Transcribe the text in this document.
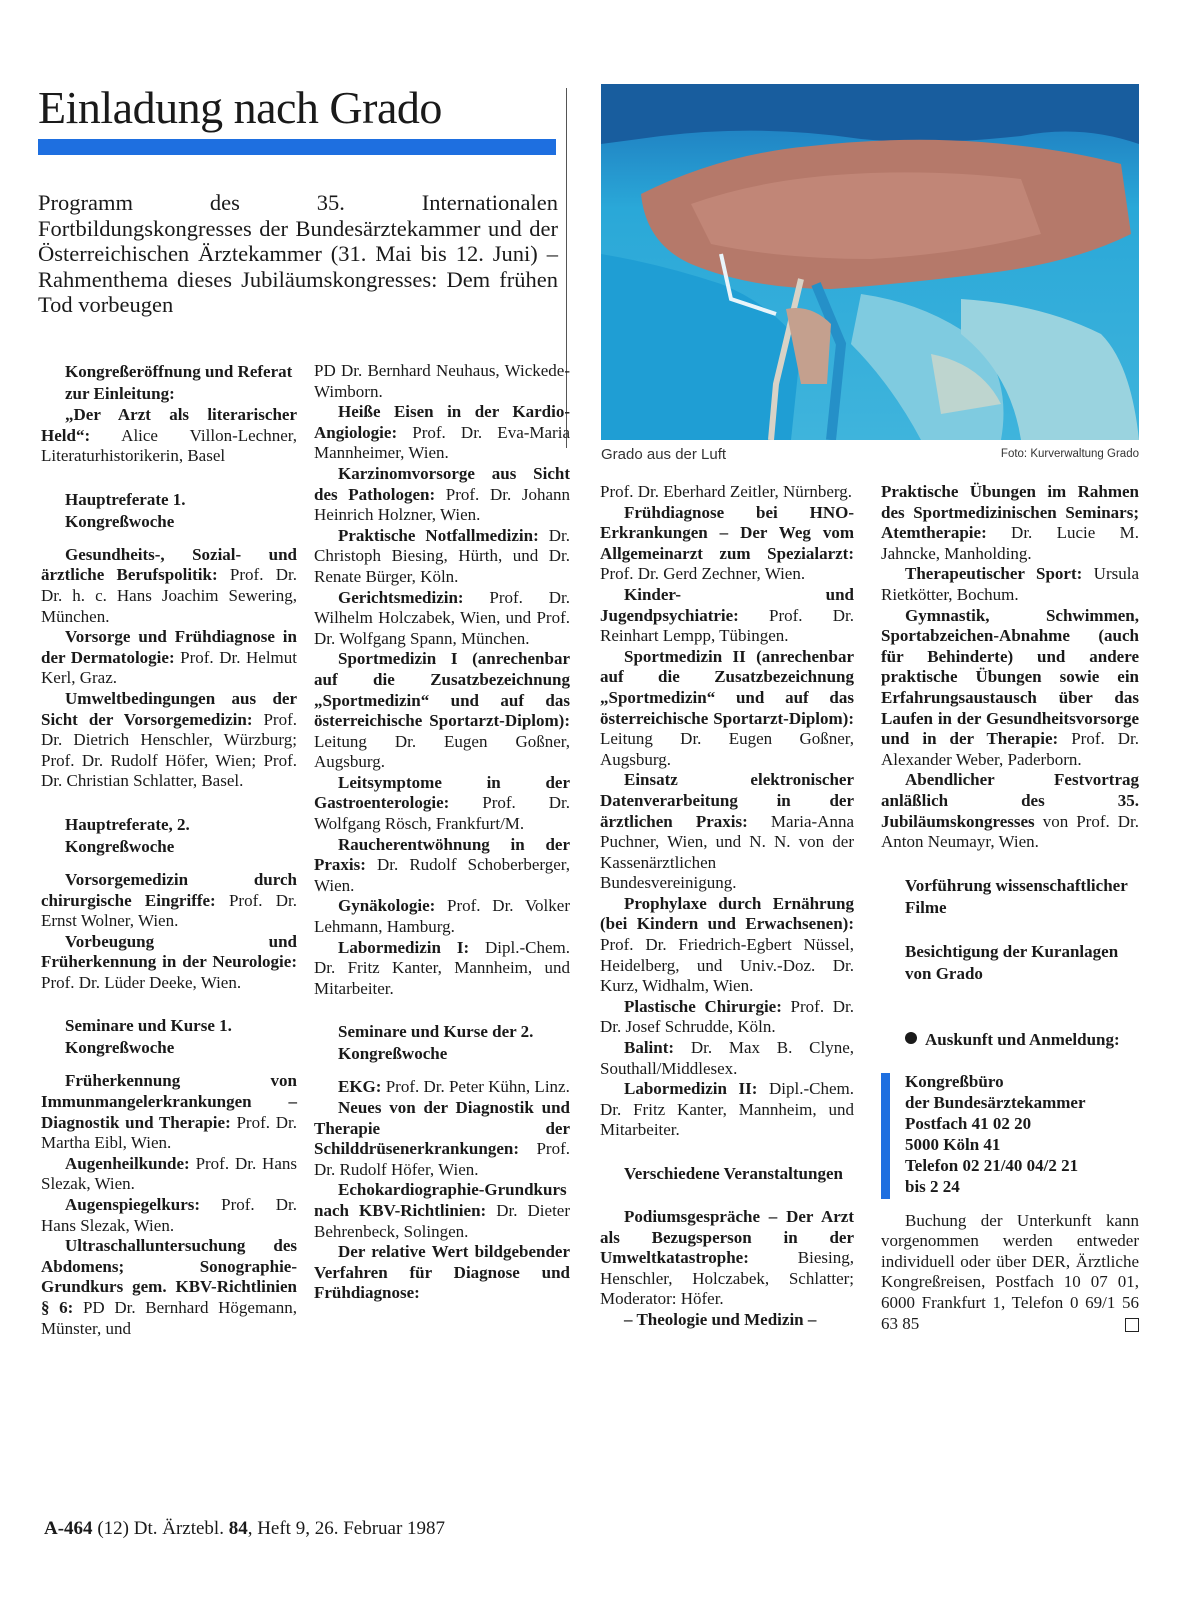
Einladung nach Grado

Programm des 35. Internationalen Fortbildungskongresses der Bundesärztekammer und der Österreichischen Ärztekammer (31. Mai bis 12. Juni) – Rahmenthema dieses Jubiläumskongresses: Dem frühen Tod vorbeugen

Grado aus der Luft	Foto: Kurverwaltung Grado
Kongreßeröffnung und Referat zur Einleitung:

„Der Arzt als literarischer Held“: Alice Villon-Lechner, Literaturhistorikerin, Basel

Hauptreferate 1. Kongreßwoche

Gesundheits-, Sozial- und ärztliche Berufspolitik: Prof. Dr. Dr. h. c. Hans Joachim Sewering, München.

Vorsorge und Frühdiagnose in der Dermatologie: Prof. Dr. Helmut Kerl, Graz.

Umweltbedingungen aus der Sicht der Vorsorgemedizin: Prof. Dr. Dietrich Henschler, Würzburg; Prof. Dr. Rudolf Höfer, Wien; Prof. Dr. Christian Schlatter, Basel.

Hauptreferate, 2. Kongreßwoche

Vorsorgemedizin durch chirurgische Eingriffe: Prof. Dr. Ernst Wolner, Wien.

Vorbeugung und Früherkennung in der Neurologie: Prof. Dr. Lüder Deeke, Wien.

Seminare und Kurse 1. Kongreßwoche

Früherkennung von Immunmangelerkrankungen – Diagnostik und Therapie: Prof. Dr. Martha Eibl, Wien.

Augenheilkunde: Prof. Dr. Hans Slezak, Wien.

Augenspiegelkurs: Prof. Dr. Hans Slezak, Wien.

Ultraschalluntersuchung des Abdomens; Sonographie-Grundkurs gem. KBV-Richtlinien § 6: PD Dr. Bernhard Högemann, Münster, und

PD Dr. Bernhard Neuhaus, Wickede-Wimborn.

Heiße Eisen in der Kardio-Angiologie: Prof. Dr. Eva-Maria Mannheimer, Wien.

Karzinomvorsorge aus Sicht des Pathologen: Prof. Dr. Johann Heinrich Holzner, Wien.

Praktische Notfallmedizin: Dr. Christoph Biesing, Hürth, und Dr. Renate Bürger, Köln.

Gerichtsmedizin: Prof. Dr. Wilhelm Holczabek, Wien, und Prof. Dr. Wolfgang Spann, München.

Sportmedizin I (anrechenbar auf die Zusatzbezeichnung „Sportmedizin“ und auf das österreichische Sportarzt-Diplom): Leitung Dr. Eugen Goßner, Augsburg.

Leitsymptome in der Gastroenterologie: Prof. Dr. Wolfgang Rösch, Frankfurt/M.

Raucherentwöhnung in der Praxis: Dr. Rudolf Schoberberger, Wien.

Gynäkologie: Prof. Dr. Volker Lehmann, Hamburg.

Labormedizin I: Dipl.-Chem. Dr. Fritz Kanter, Mannheim, und Mitarbeiter.

Seminare und Kurse der 2. Kongreßwoche

EKG: Prof. Dr. Peter Kühn, Linz.

Neues von der Diagnostik und Therapie der Schilddrüsenerkrankungen: Prof. Dr. Rudolf Höfer, Wien.

Echokardiographie-Grundkurs nach KBV-Richtlinien: Dr. Dieter Behrenbeck, Solingen.

Der relative Wert bildgebender Verfahren für Diagnose und Frühdiagnose:

Prof. Dr. Eberhard Zeitler, Nürnberg.

Frühdiagnose bei HNO-Erkrankungen – Der Weg vom Allgemeinarzt zum Spezialarzt: Prof. Dr. Gerd Zechner, Wien.

Kinder- und Jugendpsychiatrie: Prof. Dr. Reinhart Lempp, Tübingen.

Sportmedizin II (anrechenbar auf die Zusatzbezeichnung „Sportmedizin“ und auf das österreichische Sportarzt-Diplom): Leitung Dr. Eugen Goßner, Augsburg.

Einsatz elektronischer Datenverarbeitung in der ärztlichen Praxis: Maria-Anna Puchner, Wien, und N. N. von der Kassenärztlichen Bundesvereinigung.

Prophylaxe durch Ernährung (bei Kindern und Erwachsenen): Prof. Dr. Friedrich-Egbert Nüssel, Heidelberg, und Univ.-Doz. Dr. Kurz, Widhalm, Wien.

Plastische Chirurgie: Prof. Dr. Dr. Josef Schrudde, Köln.

Balint: Dr. Max B. Clyne, Southall/Middlesex.

Labormedizin II: Dipl.-Chem. Dr. Fritz Kanter, Mannheim, und Mitarbeiter.

Verschiedene Veranstaltungen

Podiumsgespräche – Der Arzt als Bezugsperson in der Umweltkatastrophe: Biesing, Henschler, Holczabek, Schlatter; Moderator: Höfer.

– Theologie und Medizin –

Praktische Übungen im Rahmen des Sportmedizinischen Seminars; Atemtherapie: Dr. Lucie M. Jahncke, Manholding.

Therapeutischer Sport: Ursula Rietkötter, Bochum.

Gymnastik, Schwimmen, Sportabzeichen-Abnahme (auch für Behinderte) und andere praktische Übungen sowie ein Erfahrungsaustausch über das Laufen in der Gesundheitsvorsorge und in der Therapie: Prof. Dr. Alexander Weber, Paderborn.

Abendlicher Festvortrag anläßlich des 35. Jubiläumskongresses von Prof. Dr. Anton Neumayr, Wien.

Vorführung wissenschaftlicher Filme
Besichtigung der Kuranlagen von Grado
Auskunft und Anmeldung:
Kongreßbüro
der Bundesärztekammer
Postfach 41 02 20
5000 Köln 41
Telefon 02 21/40 04/2 21
bis 2 24

Buchung der Unterkunft kann vorgenommen werden entweder individuell oder über DER, Ärztliche Kongreßreisen, Postfach 10 07 01, 6000 Frankfurt 1, Telefon 0 69/1 56 63 85

A-464 (12) Dt. Ärztebl. 84, Heft 9, 26. Februar 1987
